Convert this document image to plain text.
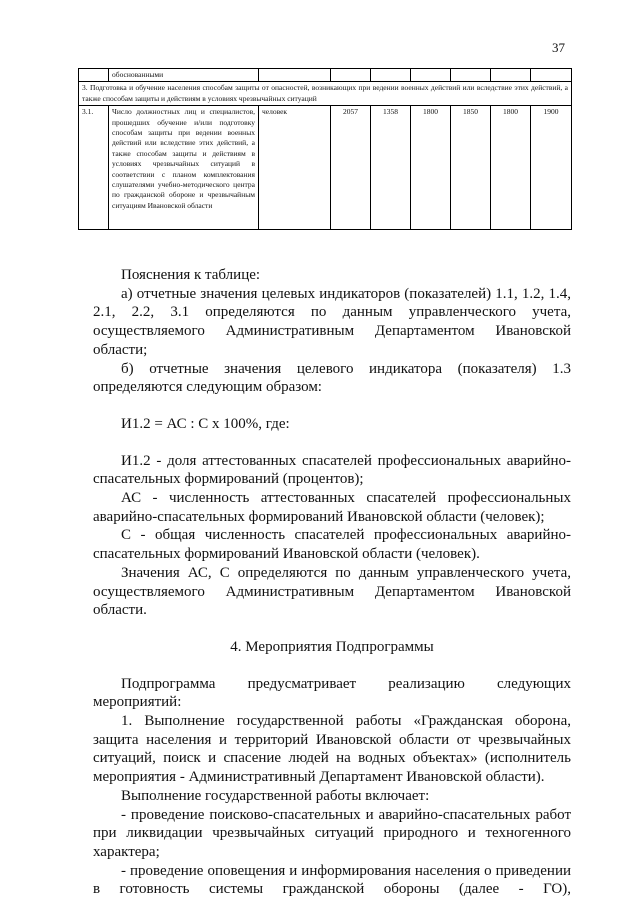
37
	обоснованными							
3. Подготовка и обучение населения способам защиты от опасностей, возникающих при ведении военных действий или вследствие этих действий, а также способам защиты и действиям в условиях чрезвычайных ситуаций								
3.1.	Число должностных лиц и специалистов, прошедших обучение и/или подготовку способам защиты при ведении военных действий или вследствие этих действий, а также способам защиты и действиям в условиях чрезвычайных ситуаций в соответствии с планом комплектования слушателями учебно-методического центра по гражданской обороне и чрезвычайным ситуациям Ивановской области	человек	2057	1358	1800	1850	1800	1900

Пояснения к таблице:

а) отчетные значения целевых индикаторов (показателей) 1.1, 1.2, 1.4, 2.1, 2.2, 3.1 определяются по данным управленческого учета, осуществляемого Административным Департаментом Ивановской области;

б) отчетные значения целевого индикатора (показателя) 1.3 определяются следующим образом:

И1.2 = АС : С х 100%, где:

И1.2 - доля аттестованных спасателей профессиональных аварийно-спасательных формирований (процентов);

АС - численность аттестованных спасателей профессиональных аварийно-спасательных формирований Ивановской области (человек);

С - общая численность спасателей профессиональных аварийно-спасательных формирований Ивановской области (человек).

Значения АС, С определяются по данным управленческого учета, осуществляемого Административным Департаментом Ивановской области.

4. Мероприятия Подпрограммы

Подпрограмма предусматривает реализацию следующих мероприятий:

1. Выполнение государственной работы «Гражданская оборона, защита населения и территорий Ивановской области от чрезвычайных ситуаций, поиск и спасение людей на водных объектах» (исполнитель мероприятия - Административный Департамент Ивановской области).

Выполнение государственной работы включает:

- проведение поисково-спасательных и аварийно-спасательных работ при ликвидации чрезвычайных ситуаций природного и техногенного характера;

- проведение оповещения и информирования населения о приведении в готовность системы гражданской обороны (далее - ГО),
